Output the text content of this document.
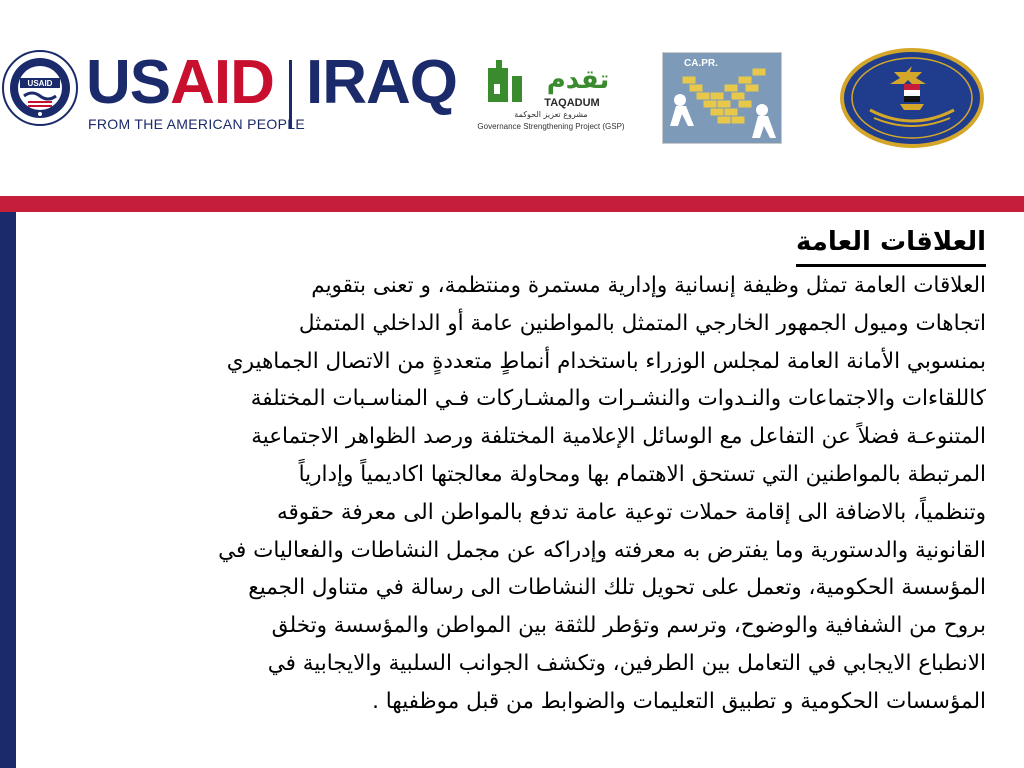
USAID USAID IRAQ
FROM THE AMERICAN PEOPLE
تقدم
TAQADUM
مشروع تعزيز الحوكمة
Governance Strengthening Project (GSP)
CA.PR.
العلاقات العامة
العلاقات العامة تمثل وظيفة إنسانية وإدارية مستمرة ومنتظمة، و تعنى بتقويم
اتجاهات وميول الجمهور الخارجي المتمثل بالمواطنين عامة أو الداخلي المتمثل
بمنسوبي الأمانة العامة لمجلس الوزراء باستخدام أنماطٍ متعددةٍ من الاتصال الجماهيري
كاللقاءات والاجتماعات والنـدوات والنشـرات والمشـاركات فـي المناسـبات المختلفة
المتنوعـة فضلاً عن التفاعل مع الوسائل الإعلامية المختلفة ورصد الظواهر الاجتماعية
المرتبطة بالمواطنين التي تستحق الاهتمام بها ومحاولة معالجتها اكاديمياً وإدارياً
وتنظمياً، بالاضافة الى إقامة حملات توعية عامة تدفع بالمواطن الى معرفة حقوقه
القانونية والدستورية وما يفترض به معرفته وإدراكه عن مجمل النشاطات والفعاليات في
المؤسسة الحكومية، وتعمل على تحويل تلك النشاطات الى رسالة في متناول الجميع
بروح من الشفافية والوضوح، وترسم وتؤطر للثقة بين المواطن والمؤسسة وتخلق
الانطباع الايجابي في التعامل بين الطرفين، وتكشف الجوانب السلبية والايجابية في
المؤسسات الحكومية و تطبيق التعليمات والضوابط من قبل موظفيها .
